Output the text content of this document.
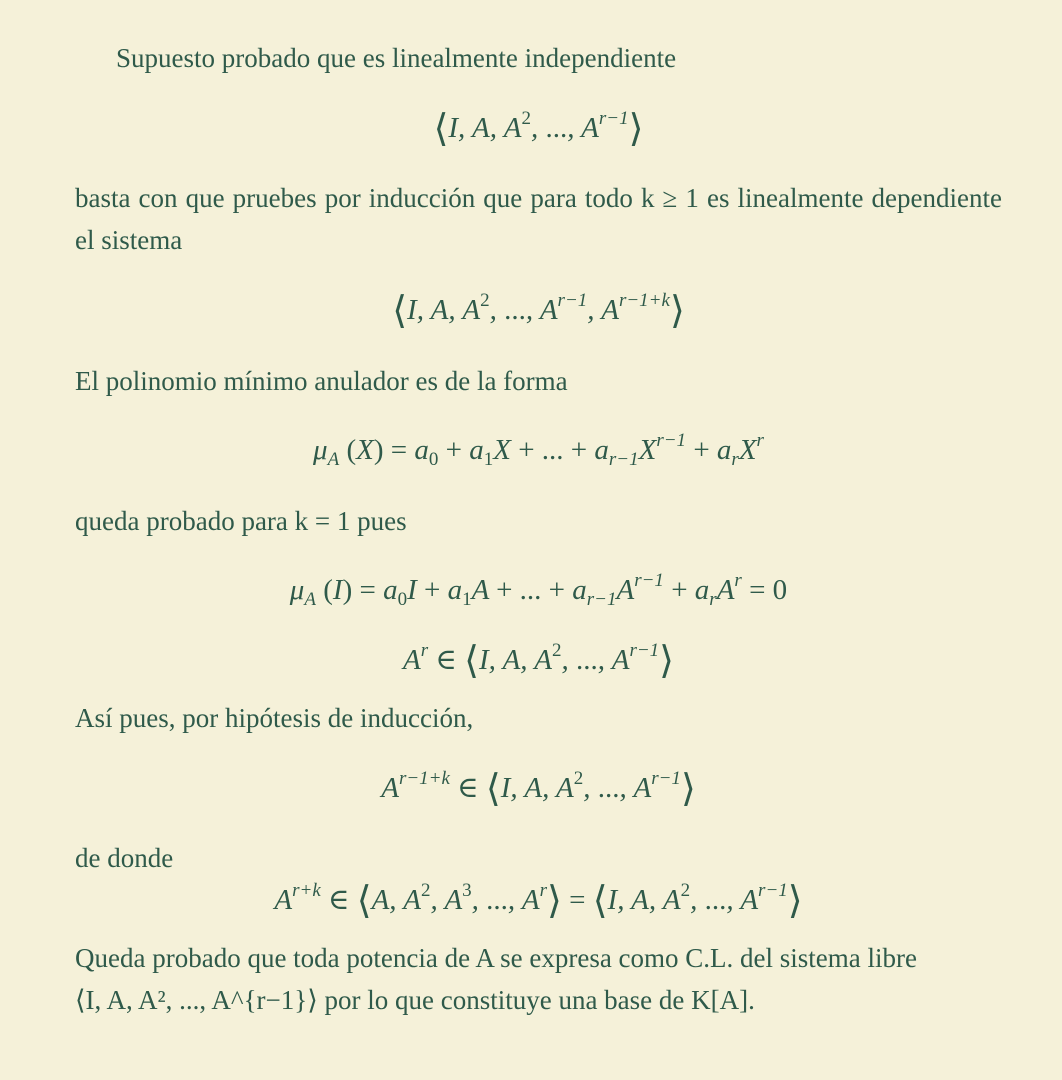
Supuesto probado que es linealmente independiente

⟨I, A, $A^2$, ..., $A^{r-1}⟩$

basta con que pruebes por inducción que para todo k ≥ 1 es linealmente dependiente el sistema

⟨I, A, $A^2$, ..., $A^{r-1}$, $A^{r-1+k}⟩$

El polinomio mínimo anulador es de la forma

$\mu_A$ $(X) = a_0 + a_1X$ + ... + $a_{r-1}X^{r-1} + a_rX^r$

queda probado para k = 1 pues

$\mu_A$ $(I) = a_0I + a_1A$ + ... + $a_{r-1}A^{r-1} + a_rA^r = 0$
$A^r$ ∈ ⟨I, A, $A^2$, ..., $A^{r-1}⟩$

Así pues, por hipótesis de inducción,

$A^{r-1+k}$ ∈ ⟨I, A, $A^2$, ..., $A^{r-1}⟩$

de donde

$A^{r+k}$ ∈ ⟨A, $A^2$, $A^3$, ..., $A^r⟩$ = ⟨I, A, $A^2$, ..., $A^{r-1}⟩$

Queda probado que toda potencia de A se expresa como C.L. del sistema libre
⟨I, A, A², ..., A^{r−1}⟩ por lo que constituye una base de K[A].
